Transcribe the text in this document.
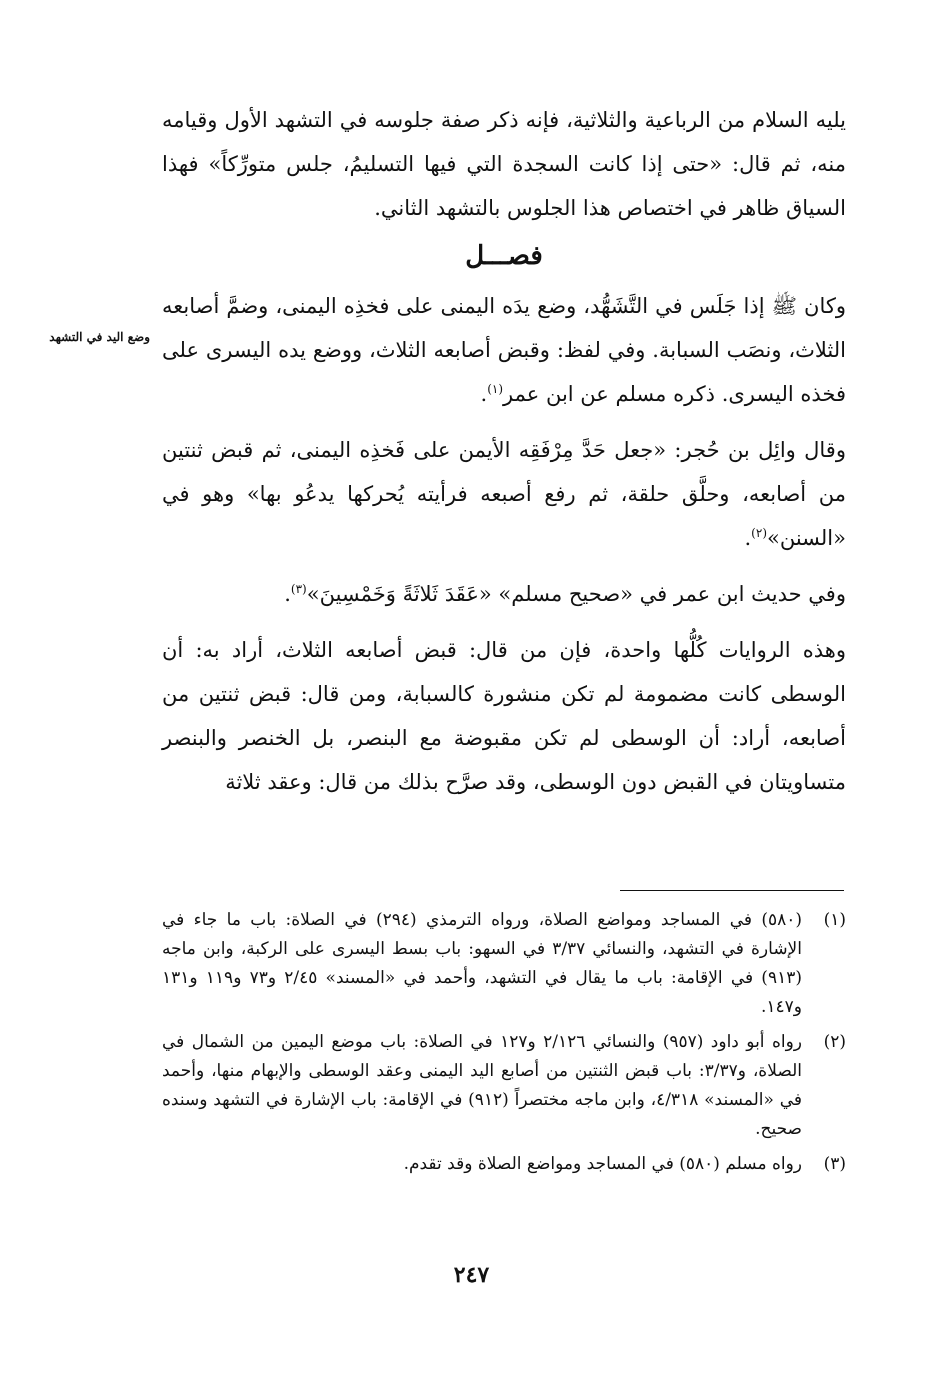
وضع اليد في التشهد

يليه السلام من الرباعية والثلاثية، فإنه ذكر صفة جلوسه في التشهد الأول وقيامه منه، ثم قال: «حتى إذا كانت السجدة التي فيها التسليمُ، جلس متورِّكاً» فهذا السياق ظاهر في اختصاص هذا الجلوس بالتشهد الثاني.

فصـــل

وكان ﷺ إذا جَلَس في التَّشَهُّد، وضع يدَه اليمنى على فخذِه اليمنى، وضمَّ أصابعه الثلاث، ونصَب السبابة. وفي لفظ: وقبض أصابعه الثلاث، ووضع يده اليسرى على فخذه اليسرى. ذكره مسلم عن ابن عمر$^{(١)}$.

وقال وائِل بن حُجر: «جعل حَدَّ مِرْفَقِه الأيمن على فَخذِه اليمنى، ثم قبض ثنتين من أصابعه، وحلَّق حلقة، ثم رفع أصبعه فرأيته يُحركها يدعُو بها» وهو في «السنن»$^{(٢)}$.

وفي حديث ابن عمر في «صحيح مسلم» «عَقَدَ ثَلاثَةً وَخَمْسِينَ»$^{(٣)}$.

وهذه الروايات كُلُّها واحدة، فإن من قال: قبض أصابعه الثلاث، أراد به: أن الوسطى كانت مضمومة لم تكن منشورة كالسبابة، ومن قال: قبض ثنتين من أصابعه، أراد: أن الوسطى لم تكن مقبوضة مع البنصر، بل الخنصر والبنصر متساويتان في القبض دون الوسطى، وقد صرَّح بذلك من قال: وعقد ثلاثة

(١)
(٥٨٠) في المساجد ومواضع الصلاة، ورواه الترمذي (٢٩٤) في الصلاة: باب ما جاء في الإشارة في التشهد، والنسائي ٣/٣٧ في السهو: باب بسط اليسرى على الركبة، وابن ماجه (٩١٣) في الإقامة: باب ما يقال في التشهد، وأحمد في «المسند» ٢/٤٥ و٧٣ و١١٩ و١٣١ و١٤٧.
(٢)
رواه أبو داود (٩٥٧) والنسائي ٢/١٢٦ و١٢٧ في الصلاة: باب موضع اليمين من الشمال في الصلاة، و٣/٣٧: باب قبض الثنتين من أصابع اليد اليمنى وعقد الوسطى والإبهام منها، وأحمد في «المسند» ٤/٣١٨، وابن ماجه مختصراً (٩١٢) في الإقامة: باب الإشارة في التشهد وسنده صحيح.
(٣)
رواه مسلم (٥٨٠) في المساجد ومواضع الصلاة وقد تقدم.
٢٤٧
